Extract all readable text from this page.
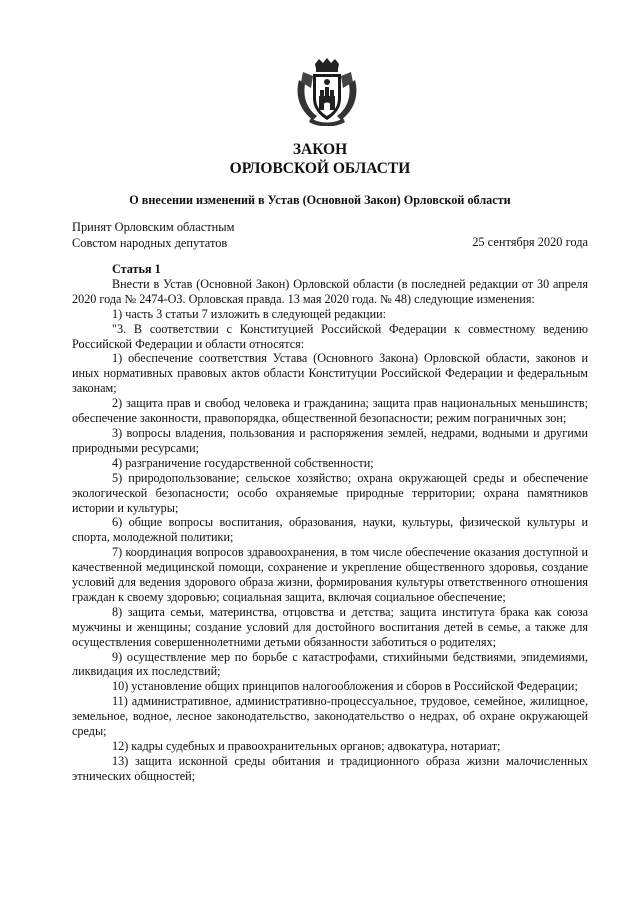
ЗАКОН
ОРЛОВСКОЙ ОБЛАСТИ
О внесении изменений в Устав (Основной Закон) Орловской области
Принят Орловским областным
Совстом народных депутатов	25 сентября 2020 года

Статья 1

Внести в Устав (Основной Закон) Орловской области (в последней редакции от 30 апреля 2020 года № 2474-ОЗ. Орловская правда. 13 мая 2020 года. № 48) следующие изменения:

1) часть 3 статьи 7 изложить в следующей редакции:

"3. В соответствии с Конституцией Российской Федерации к совместному ведению Российской Федерации и области относятся:

1) обеспечение соответствия Устава (Основного Закона) Орловской области, законов и иных нормативных правовых актов области Конституции Российской Федерации и федеральным законам;

2) защита прав и свобод человека и гражданина; защита прав национальных меньшинств; обеспечение законности, правопорядка, общественной безопасности; режим пограничных зон;

3) вопросы владения, пользования и распоряжения землей, недрами, водными и другими природными ресурсами;

4) разграничение государственной собственности;

5) природопользование; сельское хозяйство; охрана окружающей среды и обеспечение экологической безопасности; особо охраняемые природные территории; охрана памятников истории и культуры;

6) общие вопросы воспитания, образования, науки, культуры, физической культуры и спорта, молодежной политики;

7) координация вопросов здравоохранения, в том числе обеспечение оказания доступной и качественной медицинской помощи, сохранение и укрепление общественного здоровья, создание условий для ведения здорового образа жизни, формирования культуры ответственного отношения граждан к своему здоровью; социальная защита, включая социальное обеспечение;

8) защита семьи, материнства, отцовства и детства; защита института брака как союза мужчины и женщины; создание условий для достойного воспитания детей в семье, а также для осуществления совершеннолетними детьми обязанности заботиться о родителях;

9) осуществление мер по борьбе с катастрофами, стихийными бедствиями, эпидемиями, ликвидация их последствий;

10) установление общих принципов налогообложения и сборов в Российской Федерации;

11) административное, административно-процессуальное, трудовое, семейное, жилищное, земельное, водное, лесное законодательство, законодательство о недрах, об охране окружающей среды;

12) кадры судебных и правоохранительных органов; адвокатура, нотариат;

13) защита исконной среды обитания и традиционного образа жизни малочисленных этнических общностей;
